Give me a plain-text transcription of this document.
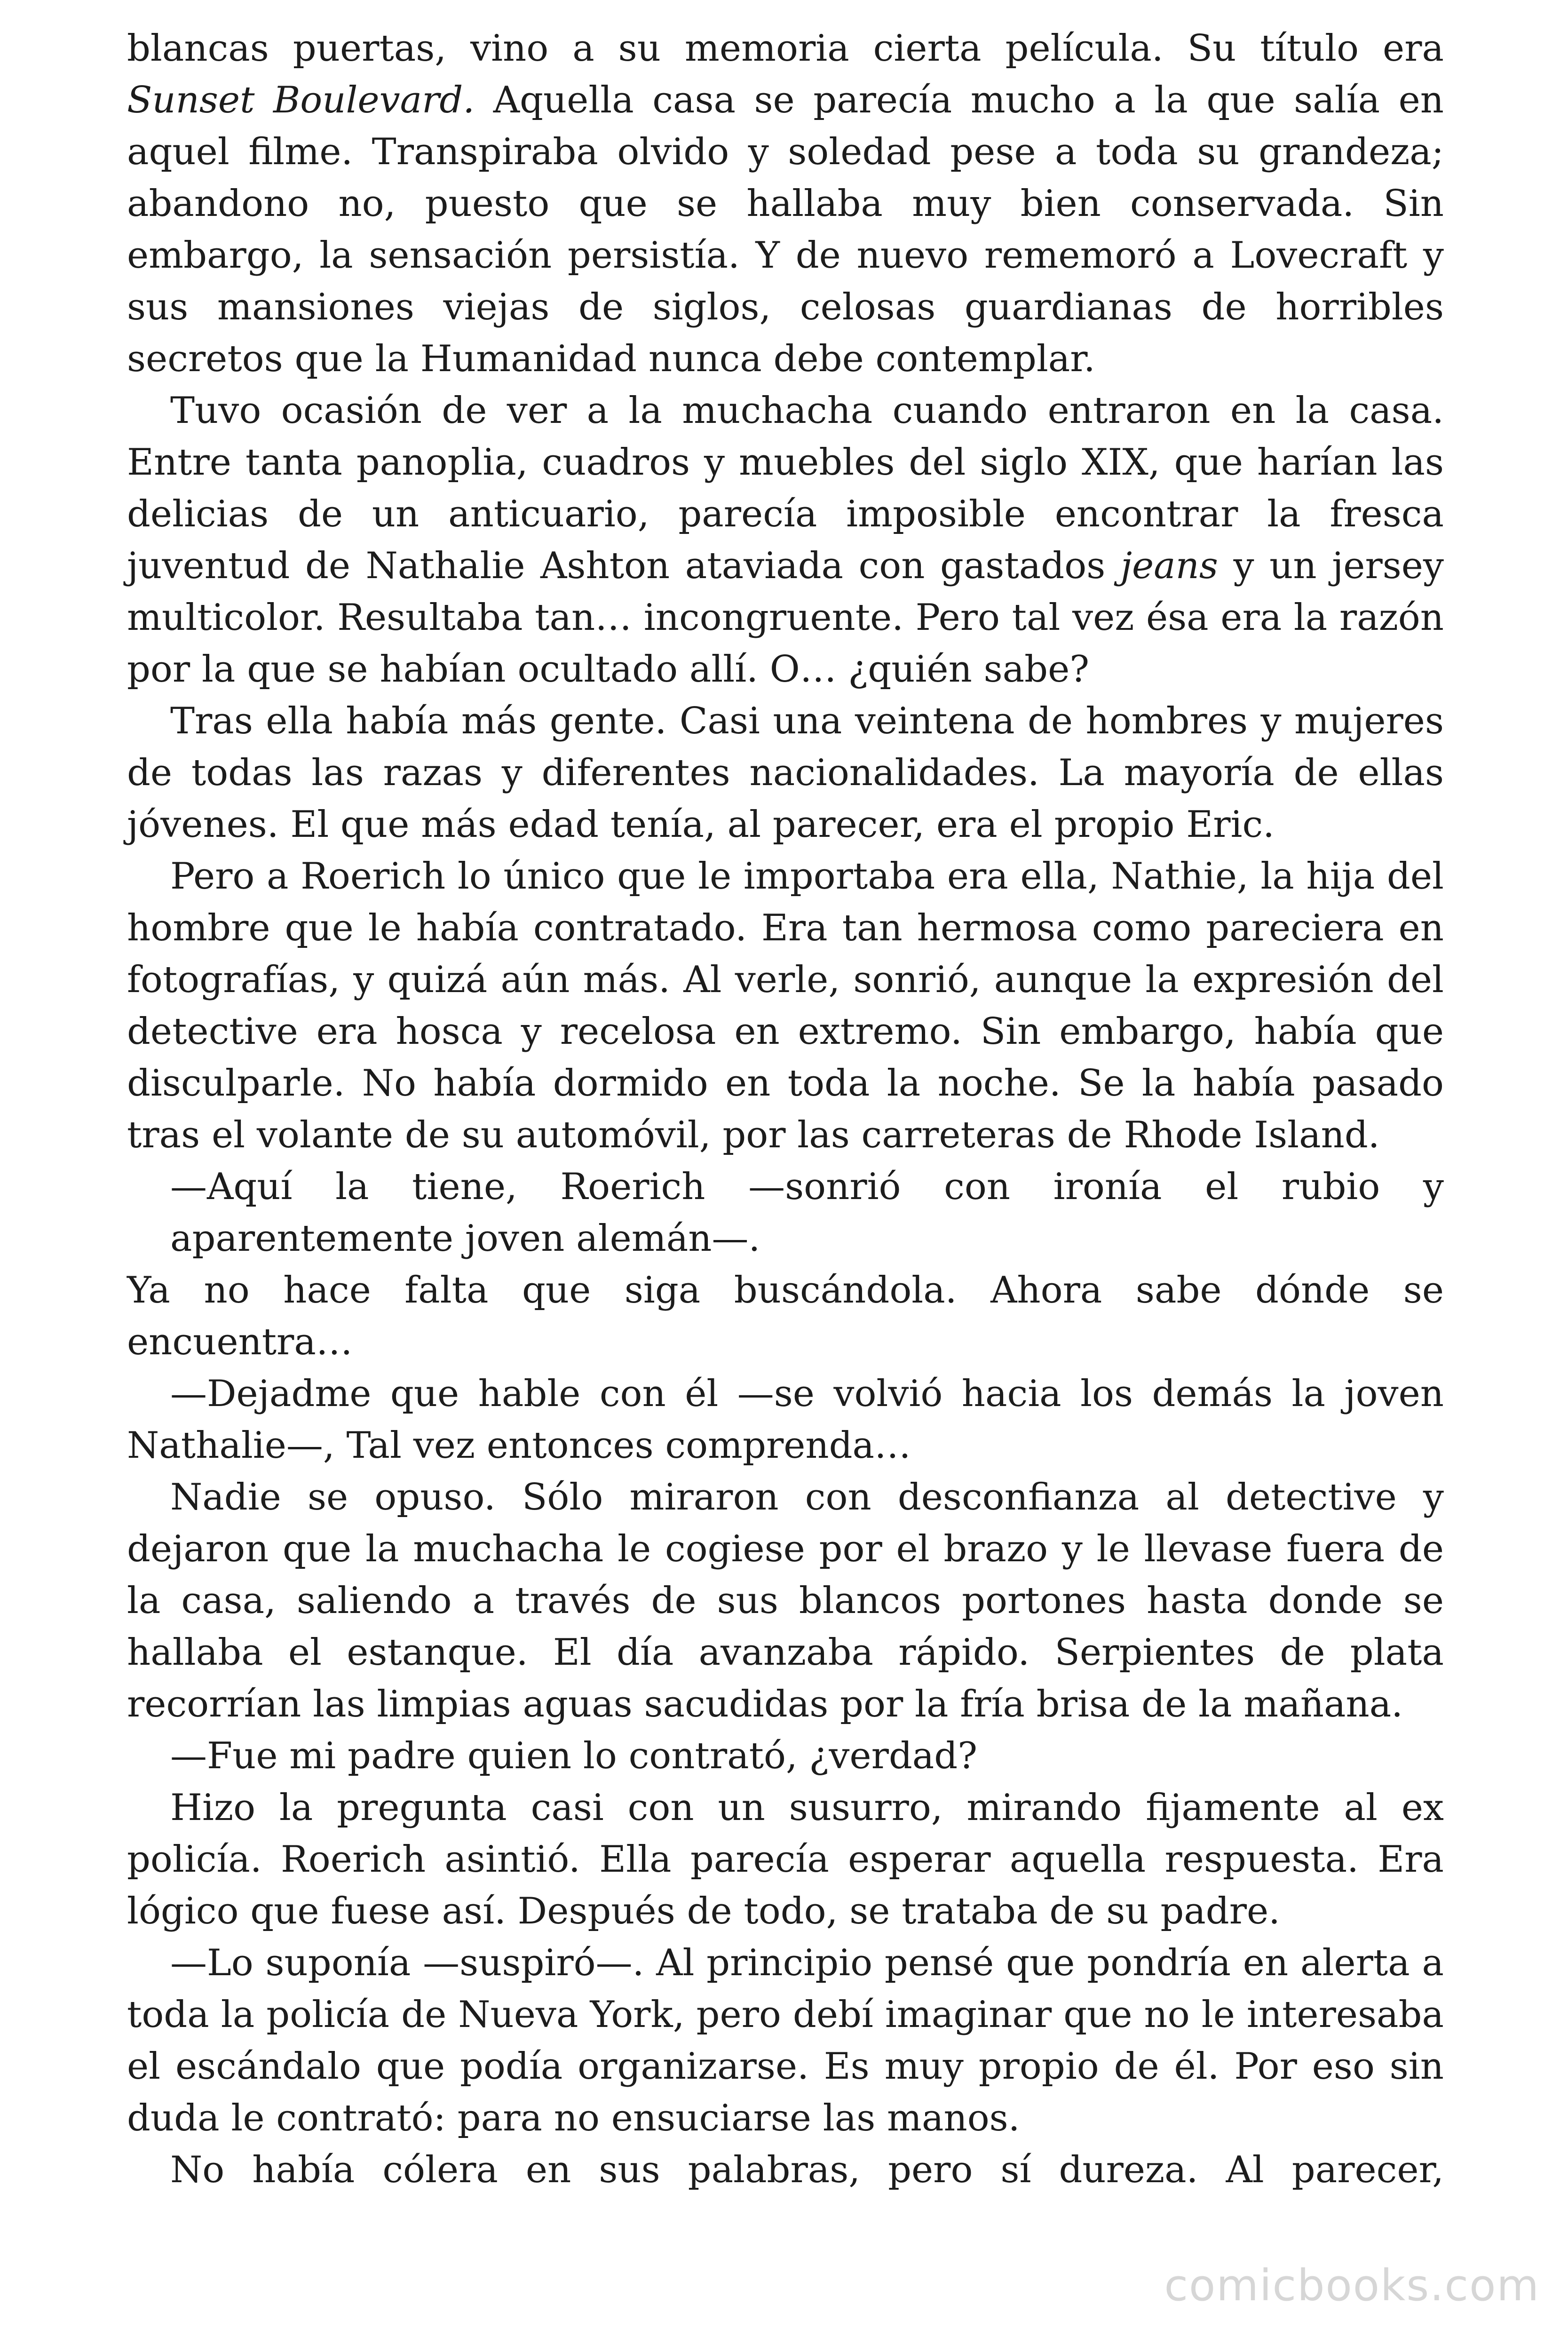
blancas puertas, vino a su memoria cierta película. Su título era Sunset Boulevard. Aquella casa se parecía mucho a la que salía en aquel filme. Transpiraba olvido y soledad pese a toda su grandeza; abandono no, puesto que se hallaba muy bien conservada. Sin embargo, la sensación persistía. Y de nuevo rememoró a Lovecraft y sus mansiones viejas de siglos, celosas guardianas de horribles secretos que la Humanidad nunca debe contemplar.

Tuvo ocasión de ver a la muchacha cuando entraron en la casa. Entre tanta panoplia, cuadros y muebles del siglo XIX, que harían las delicias de un anticuario, parecía imposible encontrar la fresca juventud de Nathalie Ashton ataviada con gastados jeans y un jersey multicolor. Resultaba tan… incongruente. Pero tal vez ésa era la razón por la que se habían ocultado allí. O… ¿quién sabe?

Tras ella había más gente. Casi una veintena de hombres y mujeres de todas las razas y diferentes nacionalidades. La mayoría de ellas jóvenes. El que más edad tenía, al parecer, era el propio Eric.

Pero a Roerich lo único que le importaba era ella, Nathie, la hija del hombre que le había contratado. Era tan hermosa como pareciera en fotografías, y quizá aún más. Al verle, sonrió, aunque la expresión del detective era hosca y recelosa en extremo. Sin embargo, había que disculparle. No había dormido en toda la noche. Se la había pasado tras el volante de su automóvil, por las carreteras de Rhode Island.

—Aquí la tiene, Roerich —sonrió con ironía el rubio y aparentemente joven alemán—.

Ya no hace falta que siga buscándola. Ahora sabe dónde se encuentra…

—Dejadme que hable con él —se volvió hacia los demás la joven Nathalie—, Tal vez entonces comprenda…

Nadie se opuso. Sólo miraron con desconfianza al detective y dejaron que la muchacha le cogiese por el brazo y le llevase fuera de la casa, saliendo a través de sus blancos portones hasta donde se hallaba el estanque. El día avanzaba rápido. Serpientes de plata recorrían las limpias aguas sacudidas por la fría brisa de la mañana.

—Fue mi padre quien lo contrató, ¿verdad?

Hizo la pregunta casi con un susurro, mirando fijamente al ex policía. Roerich asintió. Ella parecía esperar aquella respuesta. Era lógico que fuese así. Después de todo, se trataba de su padre.

—Lo suponía —suspiró—. Al principio pensé que pondría en alerta a toda la policía de Nueva York, pero debí imaginar que no le interesaba el escándalo que podía organizarse. Es muy propio de él. Por eso sin duda le contrató: para no ensuciarse las manos.

No había cólera en sus palabras, pero sí dureza. Al parecer,

comicbooks.com
